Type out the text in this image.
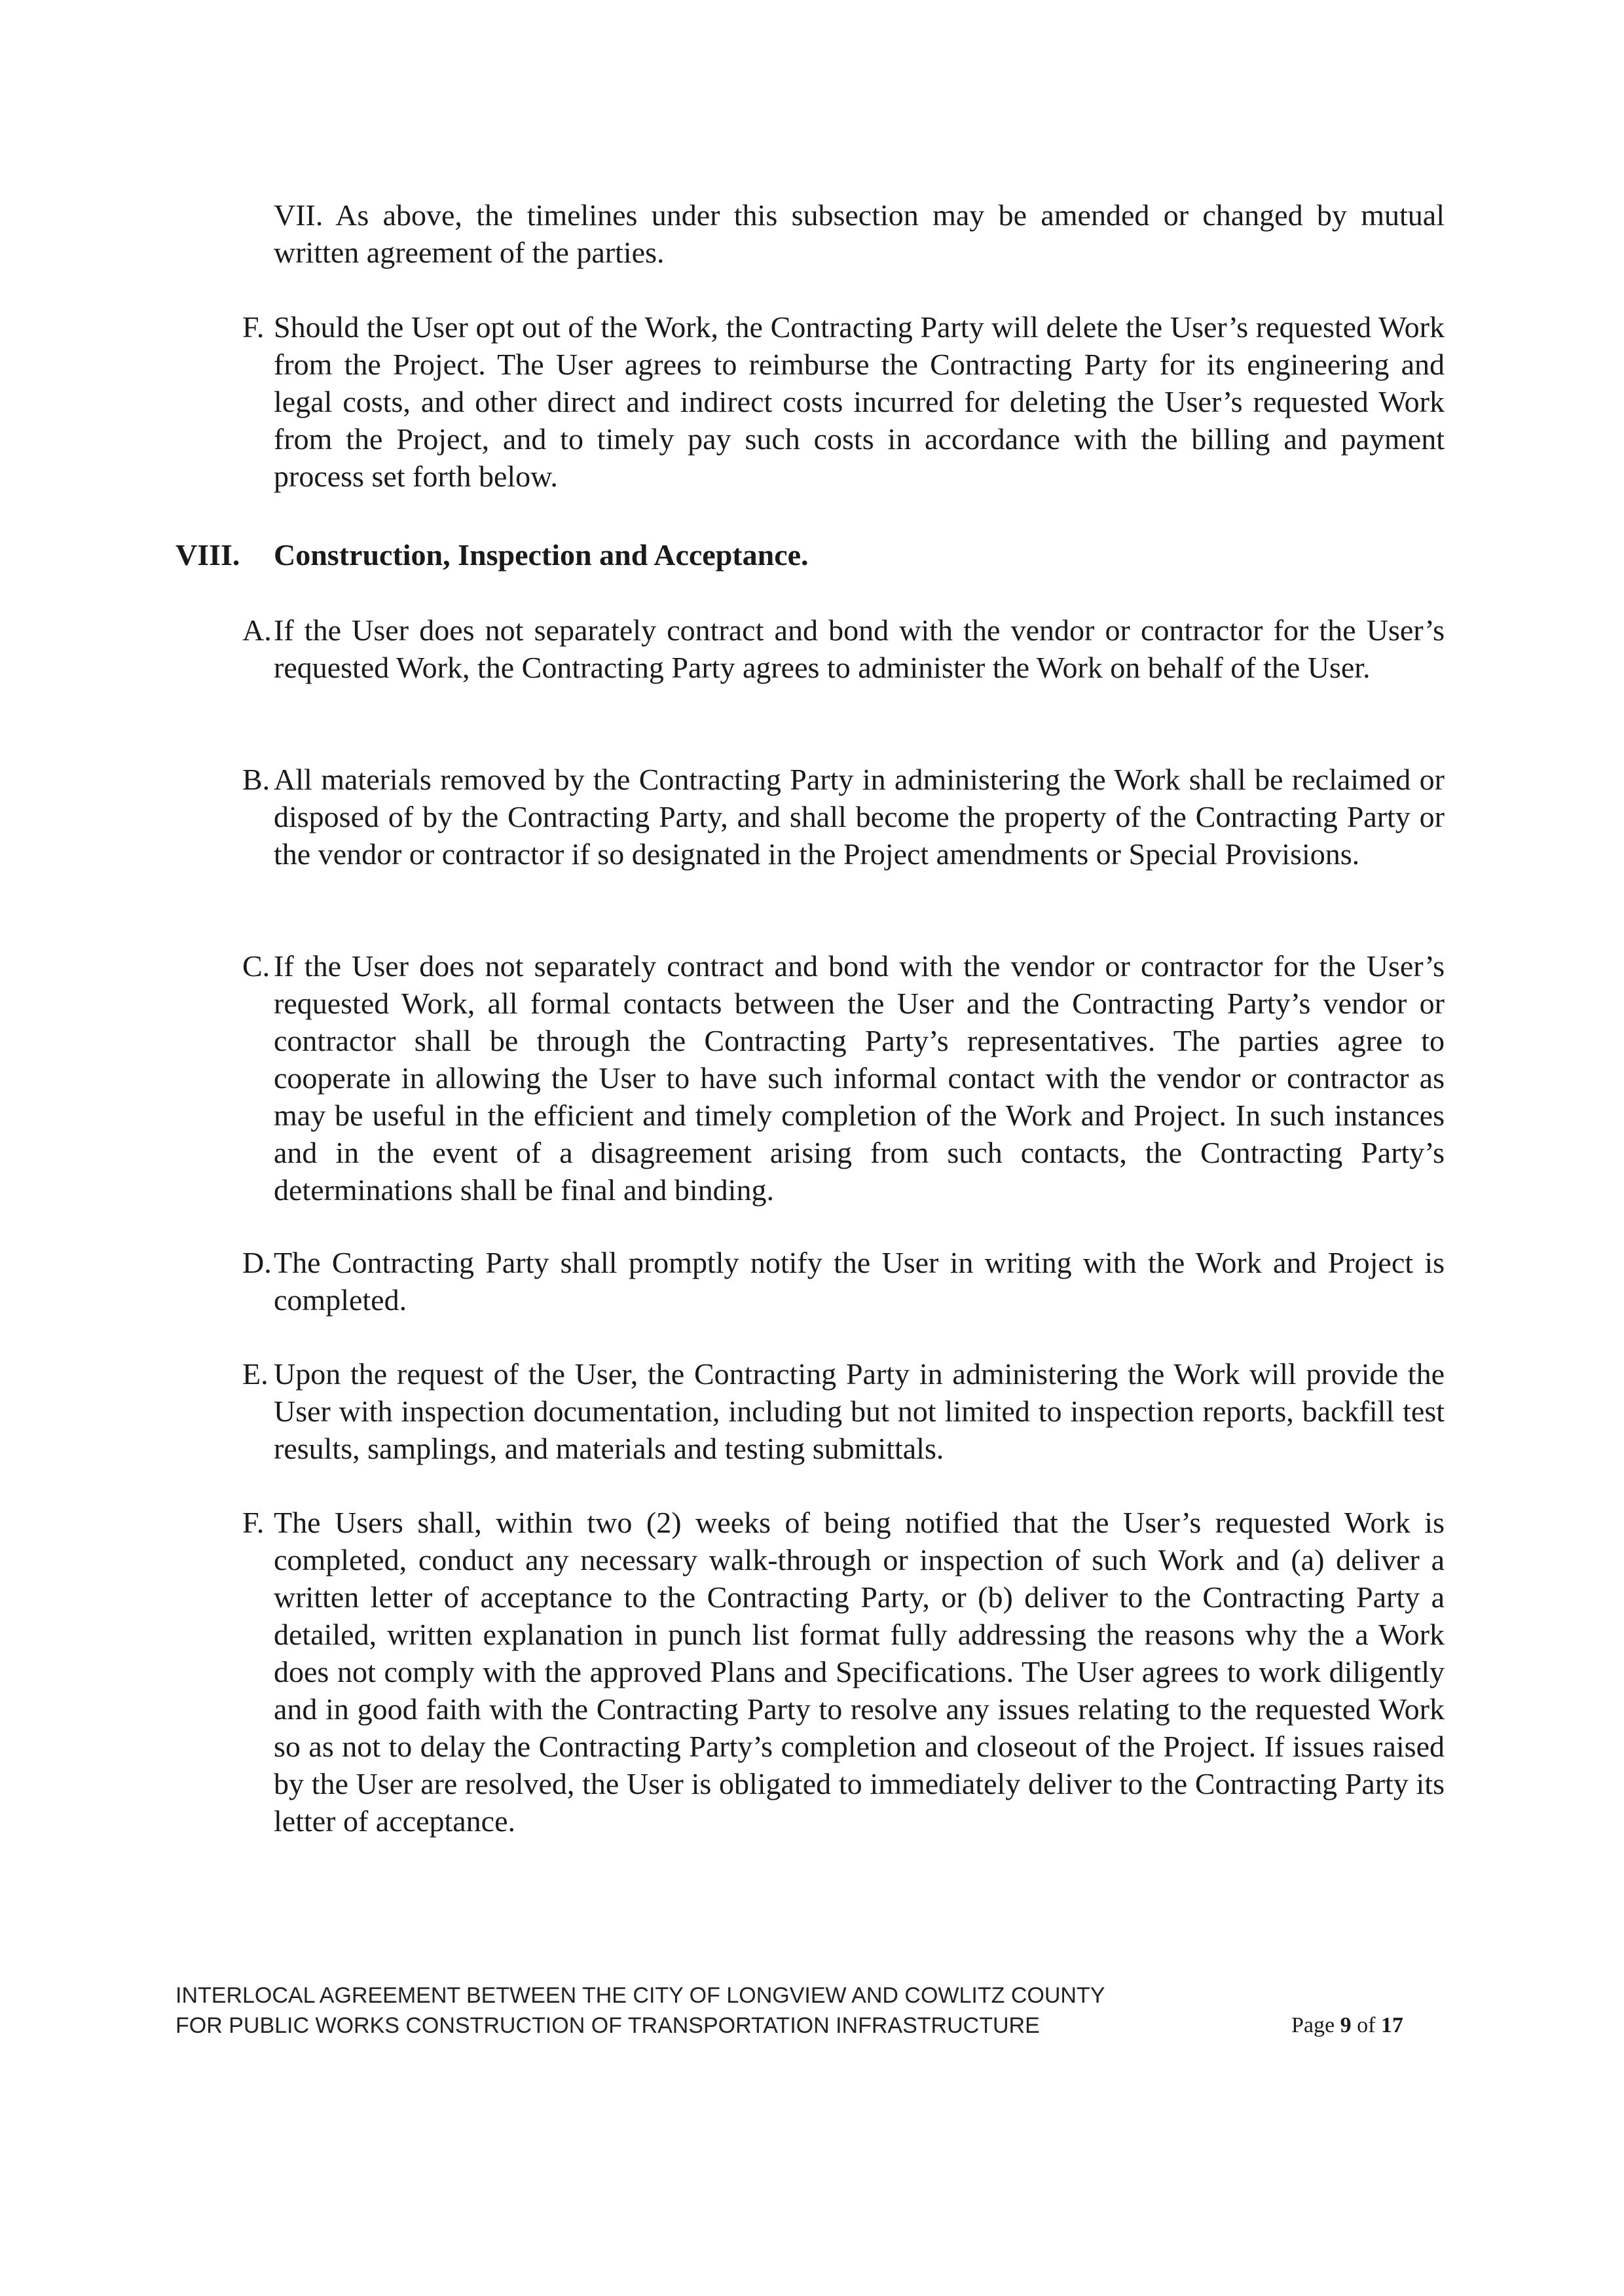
VII. As above, the timelines under this subsection may be amended or changed by mutual written agreement of the parties.

F. Should the User opt out of the Work, the Contracting Party will delete the User’s requested Work from the Project. The User agrees to reimburse the Contracting Party for its engineering and legal costs, and other direct and indirect costs incurred for deleting the User’s requested Work from the Project, and to timely pay such costs in accordance with the billing and payment process set forth below.

VIII. Construction, Inspection and Acceptance.
A. If the User does not separately contract and bond with the vendor or contractor for the User’s requested Work, the Contracting Party agrees to administer the Work on behalf of the User.

B. All materials removed by the Contracting Party in administering the Work shall be reclaimed or disposed of by the Contracting Party, and shall become the property of the Contracting Party or the vendor or contractor if so designated in the Project amendments or Special Provisions.

C. If the User does not separately contract and bond with the vendor or contractor for the User’s requested Work, all formal contacts between the User and the Contracting Party’s vendor or contractor shall be through the Contracting Party’s representatives. The parties agree to cooperate in allowing the User to have such informal contact with the vendor or contractor as may be useful in the efficient and timely completion of the Work and Project. In such instances and in the event of a disagreement arising from such contacts, the Contracting Party’s determinations shall be final and binding.

D. The Contracting Party shall promptly notify the User in writing with the Work and Project is completed.

E. Upon the request of the User, the Contracting Party in administering the Work will provide the User with inspection documentation, including but not limited to inspection reports, backfill test results, samplings, and materials and testing submittals.

F. The Users shall, within two (2) weeks of being notified that the User’s requested Work is completed, conduct any necessary walk-through or inspection of such Work and (a) deliver a written letter of acceptance to the Contracting Party, or (b) deliver to the Contracting Party a detailed, written explanation in punch list format fully addressing the reasons why the a Work does not comply with the approved Plans and Specifications. The User agrees to work diligently and in good faith with the Contracting Party to resolve any issues relating to the requested Work so as not to delay the Contracting Party’s completion and closeout of the Project. If issues raised by the User are resolved, the User is obligated to immediately deliver to the Contracting Party its letter of acceptance.

INTERLOCAL AGREEMENT BETWEEN THE CITY OF LONGVIEW AND COWLITZ COUNTY
FOR PUBLIC WORKS CONSTRUCTION OF TRANSPORTATION INFRASTRUCTURE	Page 9 of 17
